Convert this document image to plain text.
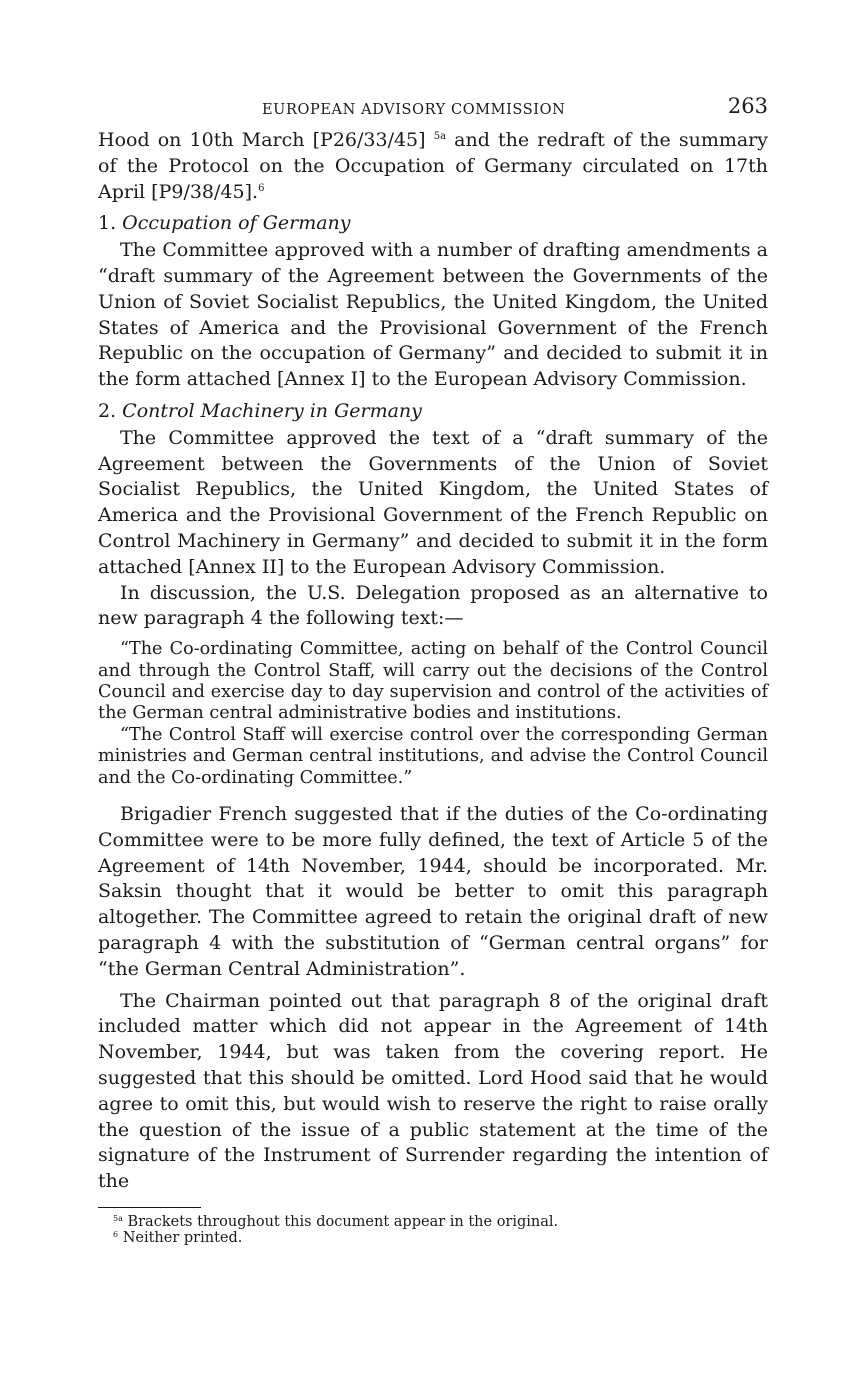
EUROPEAN ADVISORY COMMISSION	263

Hood on 10th March [P26/33/45] $^{5a}$ and the redraft of the summary of the Protocol on the Occupation of Germany circulated on 17th April [P9/38/45].$^6$

1. Occupation of Germany

The Committee approved with a number of drafting amendments a “draft summary of the Agreement between the Governments of the Union of Soviet Socialist Republics, the United Kingdom, the United States of America and the Provisional Government of the French Republic on the occupation of Germany” and decided to submit it in the form attached [Annex I] to the European Advisory Commission.

2. Control Machinery in Germany

The Committee approved the text of a “draft summary of the Agreement between the Governments of the Union of Soviet Socialist Republics, the United Kingdom, the United States of America and the Provisional Government of the French Republic on Control Machinery in Germany” and decided to submit it in the form attached [Annex II] to the European Advisory Commission.

In discussion, the U.S. Delegation proposed as an alternative to new paragraph 4 the following text:—

“The Co-ordinating Committee, acting on behalf of the Control Council and through the Control Staff, will carry out the decisions of the Control Council and exercise day to day supervision and control of the activities of the German central administrative bodies and institutions.

“The Control Staff will exercise control over the corresponding German ministries and German central institutions, and advise the Control Council and the Co-ordinating Committee.”

Brigadier French suggested that if the duties of the Co-ordinating Committee were to be more fully defined, the text of Article 5 of the Agreement of 14th November, 1944, should be incorporated. Mr. Saksin thought that it would be better to omit this paragraph altogether. The Committee agreed to retain the original draft of new paragraph 4 with the substitution of “German central organs” for “the German Central Administration”.

The Chairman pointed out that paragraph 8 of the original draft included matter which did not appear in the Agreement of 14th November, 1944, but was taken from the covering report. He suggested that this should be omitted. Lord Hood said that he would agree to omit this, but would wish to reserve the right to raise orally the question of the issue of a public statement at the time of the signature of the Instrument of Surrender regarding the intention of the

$^{5a}$ Brackets throughout this document appear in the original.

$^6$ Neither printed.
